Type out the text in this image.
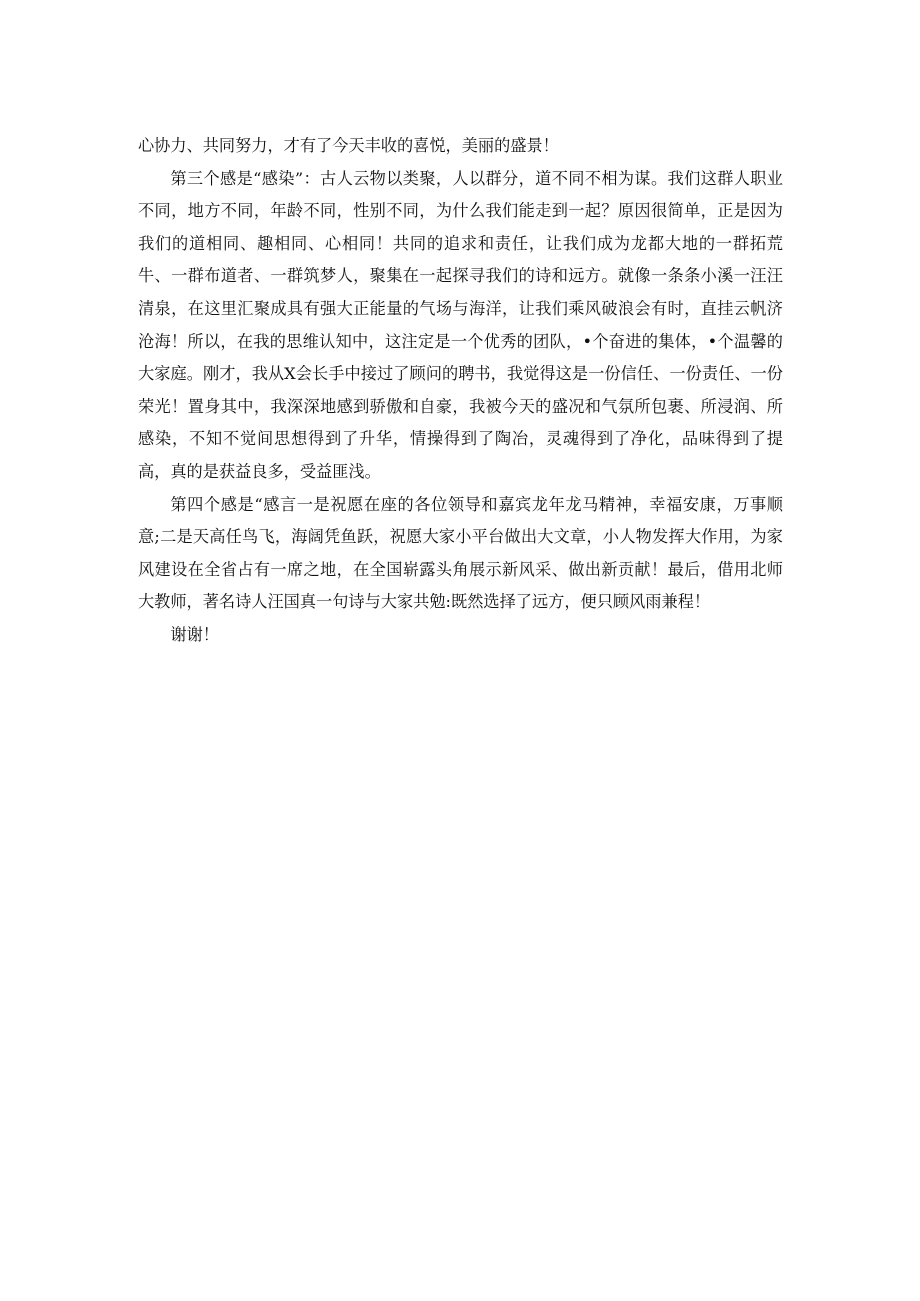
心协力、共同努力，才有了今天丰收的喜悦，美丽的盛景！

第三个感是“感染”：古人云物以类聚，人以群分，道不同不相为谋。我们这群人职业不同，地方不同，年龄不同，性别不同，为什么我们能走到一起？原因很简单，正是因为我们的道相同、趣相同、心相同！共同的追求和责任，让我们成为龙都大地的一群拓荒牛、一群布道者、一群筑梦人，聚集在一起探寻我们的诗和远方。就像一条条小溪一汪汪清泉，在这里汇聚成具有强大正能量的气场与海洋，让我们乘风破浪会有时，直挂云帆济沧海！所以，在我的思维认知中，这注定是一个优秀的团队，•个奋进的集体，•个温馨的大家庭。刚才，我从X会长手中接过了顾问的聘书，我觉得这是一份信任、一份责任、一份荣光！置身其中，我深深地感到骄傲和自豪，我被今天的盛况和气氛所包裹、所浸润、所感染，不知不觉间思想得到了升华，情操得到了陶冶，灵魂得到了净化，品味得到了提高，真的是获益良多，受益匪浅。

第四个感是“感言一是祝愿在座的各位领导和嘉宾龙年龙马精神，幸福安康，万事顺意;二是天高任鸟飞，海阔凭鱼跃，祝愿大家小平台做出大文章，小人物发挥大作用，为家风建设在全省占有一席之地，在全国崭露头角展示新风采、做出新贡献！最后，借用北师大教师，著名诗人汪国真一句诗与大家共勉:既然选择了远方，便只顾风雨兼程！

谢谢！
